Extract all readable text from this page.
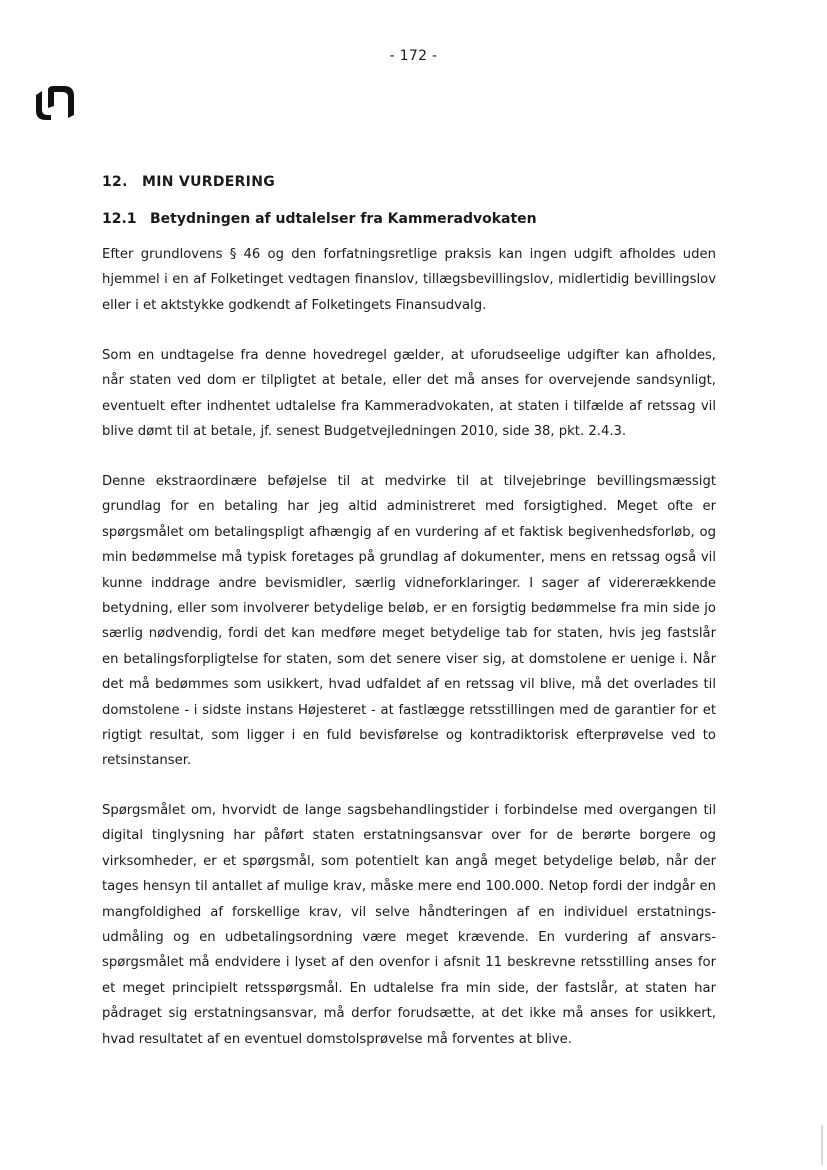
- 172 -
12. MIN VURDERING
12.1 Betydningen af udtalelser fra Kammeradvokaten

Efter grundlovens § 46 og den forfatningsretlige praksis kan ingen udgift afholdes uden hjemmel i en af Folketinget vedtagen finanslov, tillægsbevillingslov, midlertidig bevillingslov eller i et aktstykke godkendt af Folketingets Finansudvalg.

Som en undtagelse fra denne hovedregel gælder, at uforudseelige udgifter kan afholdes, når staten ved dom er tilpligtet at betale, eller det må anses for overvejende sandsynligt, eventuelt efter indhentet udtalelse fra Kammeradvokaten, at staten i tilfælde af retssag vil blive dømt til at betale, jf. senest Budgetvejledningen 2010, side 38, pkt. 2.4.3.

Denne ekstraordinære beføjelse til at medvirke til at tilvejebringe bevillingsmæssigt grundlag for en betaling har jeg altid administreret med forsigtighed. Meget ofte er spørgsmålet om betalingspligt afhængig af en vurdering af et faktisk begivenhedsforløb, og min bedømmelse må typisk foretages på grundlag af dokumenter, mens en retssag også vil kunne inddrage andre bevismidler, særlig vidneforklaringer. I sager af vidererækkende betydning, eller som involverer betydelige beløb, er en forsigtig bedømmelse fra min side jo særlig nødvendig, fordi det kan medføre meget betydelige tab for staten, hvis jeg fastslår en betalingsforpligtelse for staten, som det senere viser sig, at domstolene er uenige i. Når det må bedømmes som usikkert, hvad udfaldet af en retssag vil blive, må det overlades til domstolene - i sidste instans Højesteret - at fastlægge retsstillingen med de garantier for et rigtigt resultat, som ligger i en fuld bevisførelse og kontradiktorisk efterprøvelse ved to retsinstanser.

Spørgsmålet om, hvorvidt de lange sagsbehandlingstider i forbindelse med overgangen til digital tinglysning har påført staten erstatningsansvar over for de berørte borgere og virksomheder, er et spørgsmål, som potentielt kan angå meget betydelige beløb, når der tages hensyn til antallet af mulige krav, måske mere end 100.000. Netop fordi der indgår en mangfoldighed af forskellige krav, vil selve håndteringen af en individuel erstatningsudmåling og en udbetalingsordning være meget krævende. En vurdering af ansvarsspørgsmålet må endvidere i lyset af den ovenfor i afsnit 11 beskrevne retsstilling anses for et meget principielt retsspørgsmål. En udtalelse fra min side, der fastslår, at staten har pådraget sig erstatningsansvar, må derfor forudsætte, at det ikke må anses for usikkert, hvad resultatet af en eventuel domstolsprøvelse må forventes at blive.
